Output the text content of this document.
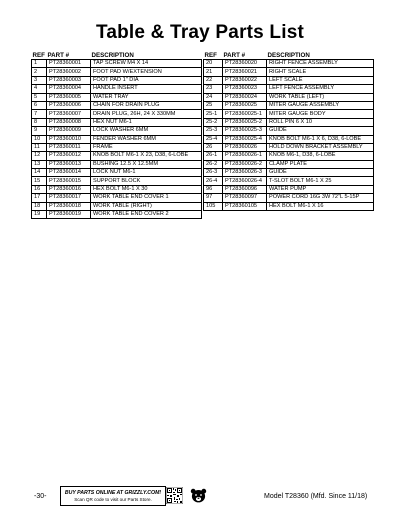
Table & Tray Parts List
REF	PART #	DESCRIPTION
1	PT28360001	TAP SCREW M4 X 14
2	PT28360002	FOOT PAD W/EXTENSION
3	PT28360003	FOOT PAD 1" DIA
4	PT28360004	HANDLE INSERT
5	PT28360005	WATER TRAY
6	PT28360006	CHAIN FOR DRAIN PLUG
7	PT28360007	DRAIN PLUG, 26H, 24 X 330MM
8	PT28360008	HEX NUT M6-1
9	PT28360009	LOCK WASHER 6MM
10	PT28360010	FENDER WASHER 6MM
11	PT28360011	FRAME
12	PT28360012	KNOB BOLT M6-1 X 23, D38, 6-LOBE
13	PT28360013	BUSHING 12.5 X 12.5MM
14	PT28360014	LOCK NUT M6-1
15	PT28360015	SUPPORT BLOCK
16	PT28360016	HEX BOLT M6-1 X 30
17	PT28360017	WORK TABLE END COVER 1
18	PT28360018	WORK TABLE (RIGHT)
19	PT28360019	WORK TABLE END COVER 2
REF	PART #	DESCRIPTION
20	PT28360020	RIGHT FENCE ASSEMBLY
21	PT28360021	RIGHT SCALE
22	PT28360022	LEFT SCALE
23	PT28360023	LEFT FENCE ASSEMBLY
24	PT28360024	WORK TABLE (LEFT)
25	PT28360025	MITER GAUGE ASSEMBLY
25-1	PT28360025-1	MITER GAUGE BODY
25-2	PT28360025-2	ROLL PIN 6 X 10
25-3	PT28360025-3	GUIDE
25-4	PT28360025-4	KNOB BOLT M6-1 X 6, D38, 6-LOBE
26	PT28360026	HOLD DOWN BRACKET ASSEMBLY
26-1	PT28360026-1	KNOB M6-1, D38, 6-LOBE
26-2	PT28360026-2	CLAMP PLATE
26-3	PT28360026-3	GUIDE
26-4	PT28360026-4	T-SLOT BOLT M6-1 X 25
96	PT28360096	WATER PUMP
97	PT28360097	POWER CORD 16G 3W 72"L 5-15P
105	PT28360105	HEX BOLT M6-1 X 16
-30-	BUY PARTS ONLINE AT GRIZZLY.COM!
Scan QR code to visit our Parts Store.	Model T28360 (Mfd. Since 11/18)
